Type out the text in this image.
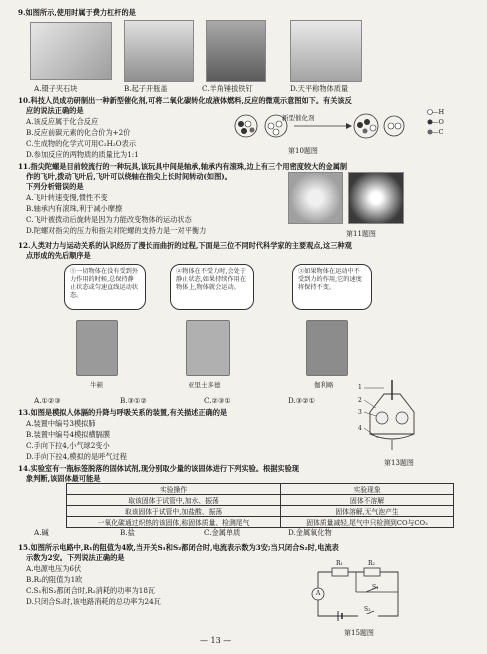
9.如图所示,使用时属于费力杠杆的是
A.镊子夹石块	B.起子开瓶盖	C.羊角锤拔铁钉	D.天平称物体质量
10.科技人员成功研制出一种新型催化剂,可将二氧化碳转化成液体燃料,反应的微观示意图如下。有关该反
应的说法正确的是
A.该反应属于化合反应
B.反应前碳元素的化合价为+2价
C.生成物的化学式可用C₂H₂O表示
D.参加反应的两物质的质量比为1:1
新型催化剂
—H
—O
—C
第10题图
11.指尖陀螺是目前较流行的一种玩具,该玩具中间是轴承,轴承内有滚珠,边上有三个用密度较大的金属制
作的飞叶,拨动飞叶后,飞叶可以绕轴在指尖上长时间转动(如图)。
下列分析错误的是
A.飞叶转速变慢,惯性不变
B.轴承内有滚珠,利于减小摩擦
C.飞叶被拨动后旋转是因为力能改变物体的运动状态
D.陀螺对指尖的压力和指尖对陀螺的支持力是一对平衡力	第11题图
12.人类对力与运动关系的认识经历了漫长而曲折的过程,下面是三位不同时代科学家的主要观点,这三种观
点形成的先后顺序是
①一切物体在没有受到外力作用的时候,总保持静止状态或匀速直线运动状态。
②物体在不受力时,会处于静止状态,如果持续作用在物体上,物体就会运动。
③如果物体在运动中不受到力的作用,它的速度将保持不变。
牛顿	亚里士多德	伽利略
A.①②③	B.③①②	C.②③①	D.③②①
1
2
3
4
第13题图
13.如图是模拟人体膈的升降与呼吸关系的装置,有关描述正确的是
A.装置中编号3模拟肺
B.装置中编号4模拟横膈膜
C.手向下拉4,小气球2变小
D.手向下拉4,模拟的是呼气过程
14.实验室有一瓶标签脱落的固体试剂,现分别取少量的该固体进行下列实验。根据实验现
象判断,该固体最可能是
实验操作	实验现象
取该固体于试管中,加水、振荡	固体不溶解
取该固体于试管中,加盐酸、振荡	固体溶解,无气泡产生
一氧化碳通过炽热的该固体,称固体质量、检测尾气	固体质量减轻,尾气中只检测到CO与CO₂
A.碱	B.盐	C.金属单质	D.金属氧化物
15.如图所示电路中,R₁的阻值为4欧,当开关S₁和S₂都闭合时,电流表示数为3安;当只闭合S₂时,电流表
示数为2安。下列说法正确的是
A.电源电压为6伏
B.R₂的阻值为1欧
C.S₁和S₂都闭合时,R₂消耗的功率为18瓦
D.只闭合S₂时,该电路消耗的总功率为24瓦
R₁	R₂
S₁
S₂
A
第15题图
— 13 —
